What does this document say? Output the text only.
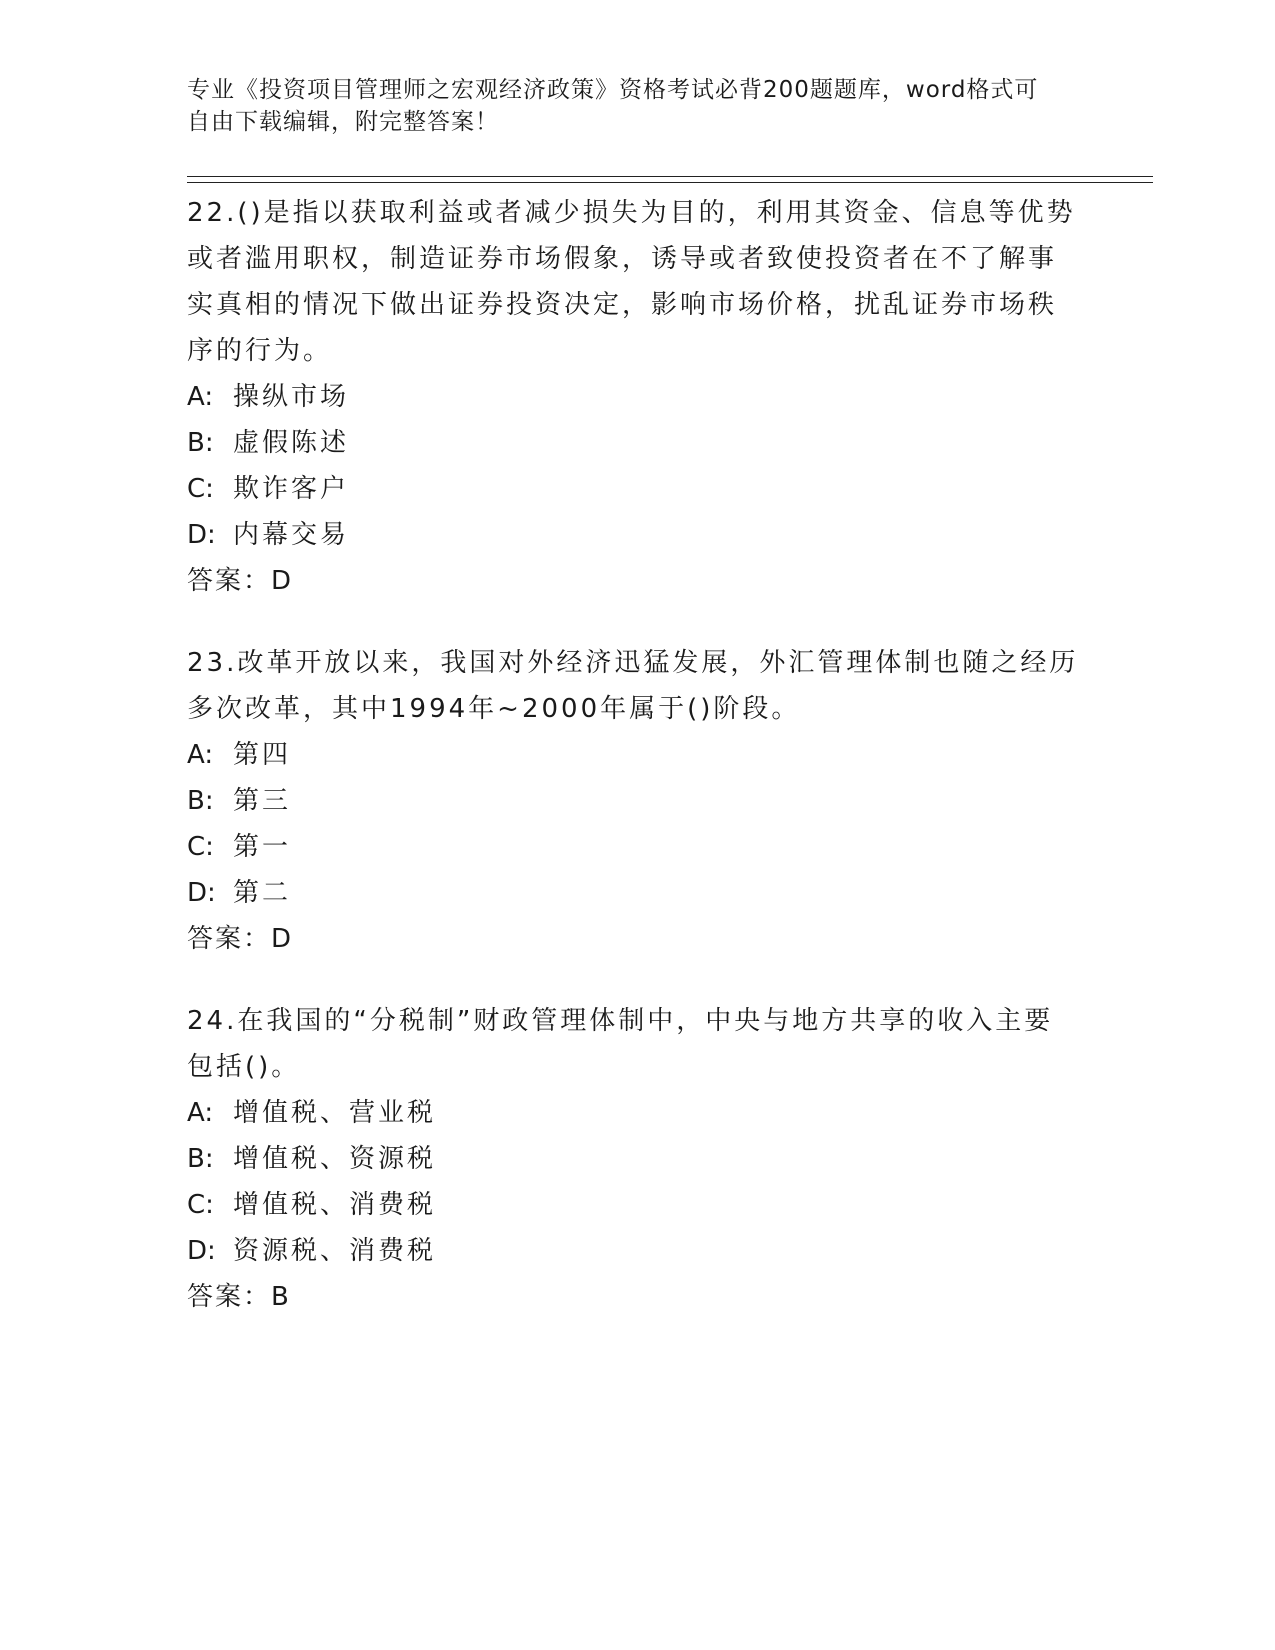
专业《投资项目管理师之宏观经济政策》资格考试必背200题题库，word格式可
自由下载编辑，附完整答案！
22.()是指以获取利益或者减少损失为目的，利用其资金、信息等优势
或者滥用职权，制造证券市场假象，诱导或者致使投资者在不了解事
实真相的情况下做出证券投资决定，影响市场价格，扰乱证券市场秩
序的行为。
A: 操纵市场
B: 虚假陈述
C: 欺诈客户
D: 内幕交易
答案：D
23.改革开放以来，我国对外经济迅猛发展，外汇管理体制也随之经历
多次改革，其中1994年~2000年属于()阶段。
A: 第四
B: 第三
C: 第一
D: 第二
答案：D
24.在我国的“分税制”财政管理体制中，中央与地方共享的收入主要
包括()。
A: 增值税、营业税
B: 增值税、资源税
C: 增值税、消费税
D: 资源税、消费税
答案：B
